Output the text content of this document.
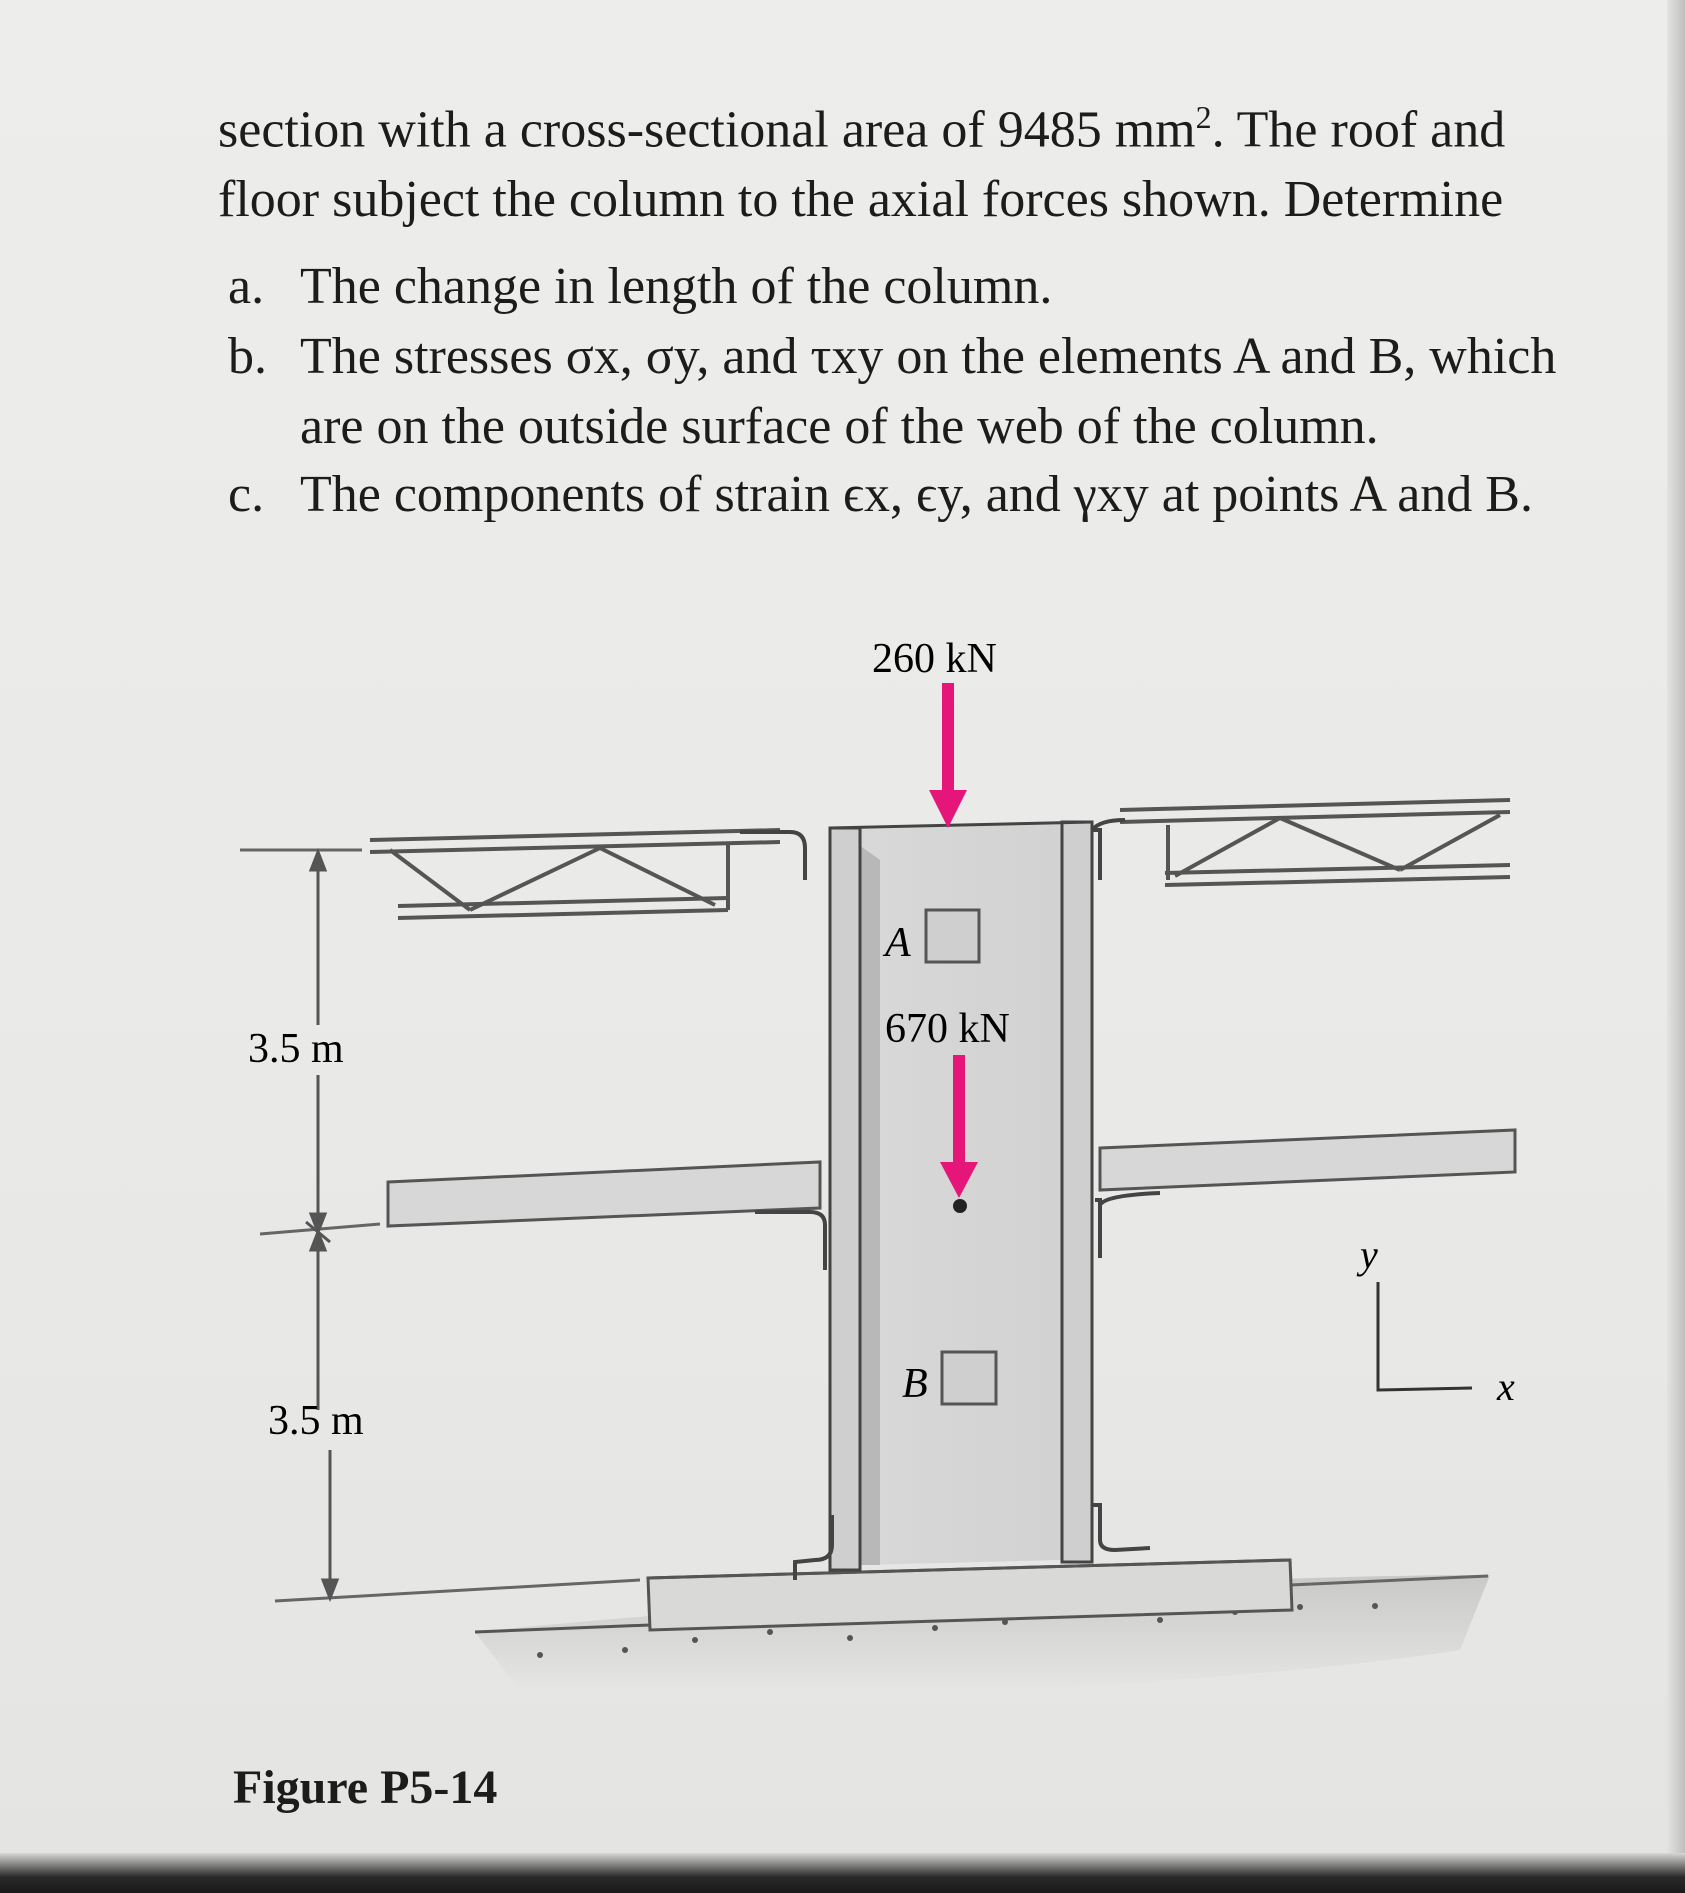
section with a cross-sectional area of 9485 $mm^2$. The roof and
floor subject the column to the axial forces shown. Determine

a. The change in length of the column.

b. The stresses σx, σy, and τxy on the elements A and B, which
are on the outside surface of the web of the column.

c. The components of strain ϵx, ϵy, and γxy at points A and B.

260 kN
670 kN
3.5 m
3.5 m
A
B
y
x

Figure P5-14
